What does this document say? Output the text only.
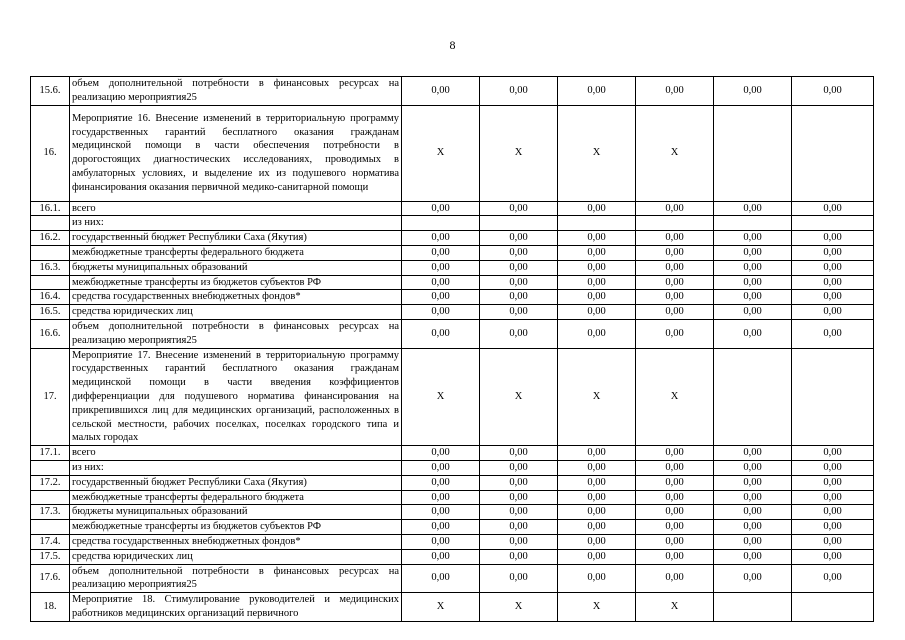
8
15.6.	объем дополнительной потребности в финансовых ресурсах на реализацию мероприятия25	0,00	0,00	0,00	0,00	0,00	0,00
16.	Мероприятие 16. Внесение изменений в территориальную программу государственных гарантий бесплатного оказания гражданам медицинской помощи в части обеспечения потребности в дорогостоящих диагностических исследованиях, проводимых в амбулаторных условиях, и выделение их из подушевого норматива финансирования оказания первичной медико-санитарной помощи	X	X	X	X		
16.1.	всего	0,00	0,00	0,00	0,00	0,00	0,00
	из них:						
16.2.	государственный бюджет Республики Саха (Якутия)	0,00	0,00	0,00	0,00	0,00	0,00
	межбюджетные трансферты федерального бюджета	0,00	0,00	0,00	0,00	0,00	0,00
16.3.	бюджеты муниципальных образований	0,00	0,00	0,00	0,00	0,00	0,00
	межбюджетные трансферты из бюджетов субъектов РФ	0,00	0,00	0,00	0,00	0,00	0,00
16.4.	средства государственных внебюджетных фондов*	0,00	0,00	0,00	0,00	0,00	0,00
16.5.	средства юридических лиц	0,00	0,00	0,00	0,00	0,00	0,00
16.6.	объем дополнительной потребности в финансовых ресурсах на реализацию мероприятия25	0,00	0,00	0,00	0,00	0,00	0,00
17.	Мероприятие 17. Внесение изменений в территориальную программу государственных гарантий бесплатного оказания гражданам медицинской помощи в части введения коэффициентов дифференциации для подушевого норматива финансирования на прикрепившихся лиц для медицинских организаций, расположенных в сельской местности, рабочих поселках, поселках городского типа и малых городах	X	X	X	X		
17.1.	всего	0,00	0,00	0,00	0,00	0,00	0,00
	из них:	0,00	0,00	0,00	0,00	0,00	0,00
17.2.	государственный бюджет Республики Саха (Якутия)	0,00	0,00	0,00	0,00	0,00	0,00
	межбюджетные трансферты федерального бюджета	0,00	0,00	0,00	0,00	0,00	0,00
17.3.	бюджеты муниципальных образований	0,00	0,00	0,00	0,00	0,00	0,00
	межбюджетные трансферты из бюджетов субъектов РФ	0,00	0,00	0,00	0,00	0,00	0,00
17.4.	средства государственных внебюджетных фондов*	0,00	0,00	0,00	0,00	0,00	0,00
17.5.	средства юридических лиц	0,00	0,00	0,00	0,00	0,00	0,00
17.6.	объем дополнительной потребности в финансовых ресурсах на реализацию мероприятия25	0,00	0,00	0,00	0,00	0,00	0,00
18.	Мероприятие 18. Стимулирование руководителей и медицинских работников медицинских организаций первичного	X	X	X	X		
